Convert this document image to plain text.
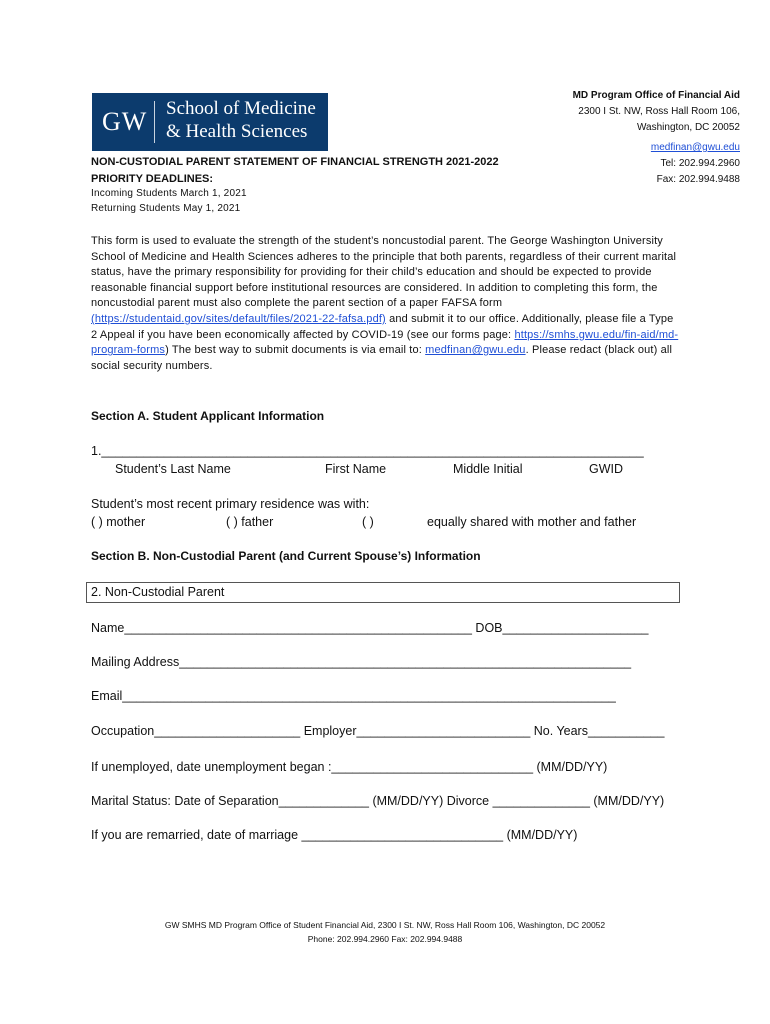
GW School of Medicine
& Health Sciences
MD Program Office of Financial Aid
2300 I St. NW, Ross Hall Room 106,
Washington, DC 20052
medfinan@gwu.edu
Tel: 202.994.2960
Fax: 202.994.9488
NON-CUSTODIAL PARENT STATEMENT OF FINANCIAL STRENGTH 2021-2022
PRIORITY DEADLINES:
Incoming Students March 1, 2021
Returning Students May 1, 2021
This form is used to evaluate the strength of the student’s noncustodial parent. The George Washington University School of Medicine and Health Sciences adheres to the principle that both parents, regardless of their current marital status, have the primary responsibility for providing for their child’s education and should be expected to provide reasonable financial support before institutional resources are considered. In addition to completing this form, the noncustodial parent must also complete the parent section of a paper FAFSA form (https://studentaid.gov/sites/default/files/2021-22-fafsa.pdf) and submit it to our office. Additionally, please file a Type 2 Appeal if you have been economically affected by COVID-19 (see our forms page: https://smhs.gwu.edu/fin-aid/md-program-forms) The best way to submit documents is via email to: medfinan@gwu.edu. Please redact (black out) all social security numbers.
Section A. Student Applicant Information
1.______________________________________________________________________________
Student’s Last Name	First Name	Middle Initial	GWID
Student’s most recent primary residence was with:
( ) mother	( ) father	( )	equally shared with mother and father
Section B. Non-Custodial Parent (and Current Spouse’s) Information
2. Non-Custodial Parent
Name__________________________________________________ DOB_____________________
Mailing Address_________________________________________________________________
Email_______________________________________________________________________
Occupation_____________________ Employer_________________________ No. Years___________
If unemployed, date unemployment began :_____________________________ (MM/DD/YY)
Marital Status: Date of Separation_____________ (MM/DD/YY) Divorce ______________ (MM/DD/YY)
If you are remarried, date of marriage _____________________________ (MM/DD/YY)
GW SMHS MD Program Office of Student Financial Aid, 2300 I St. NW, Ross Hall Room 106, Washington, DC 20052
Phone: 202.994.2960 Fax: 202.994.9488
